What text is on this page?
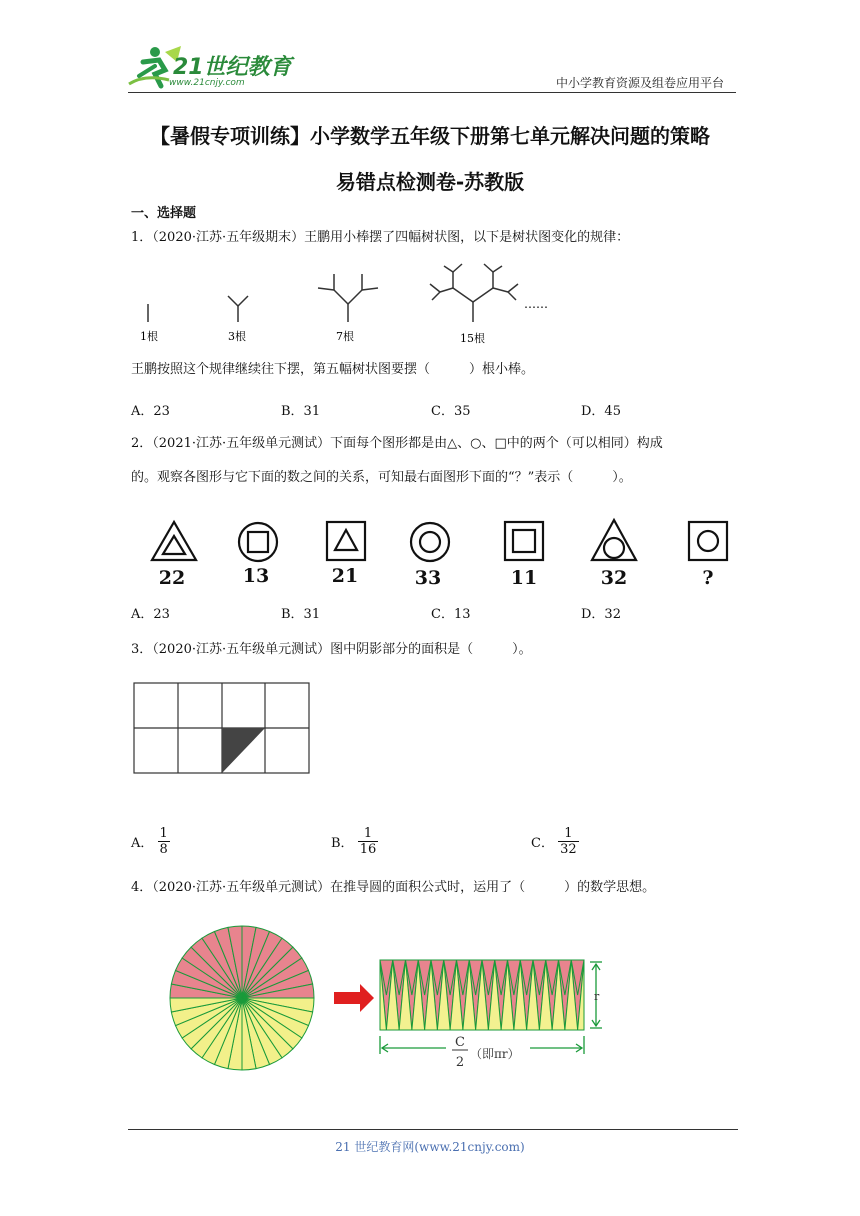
21世纪教育
www.21cnjy.com	中小学教育资源及组卷应用平台
【暑假专项训练】小学数学五年级下册第七单元解决问题的策略
易错点检测卷-苏教版
一、选择题
1．（2020·江苏·五年级期末）王鹏用小棒摆了四幅树状图，以下是树状图变化的规律：
1根	3根	7根	15根
……
王鹏按照这个规律继续往下摆，第五幅树状图要摆（　　　）根小棒。
A．23	B．31	C．35	D．45
2．（2021·江苏·五年级单元测试）下面每个图形都是由△、○、□中的两个（可以相同）构成
的。观察各图形与它下面的数之间的关系，可知最右面图形下面的“？”表示（　　　）。
22	13	21	33	11	32	?
A．23	B．31	C．13	D．32
3．（2020·江苏·五年级单元测试）图中阴影部分的面积是（　　　）。
A． $\frac{1}{8}$	B． $\frac{1}{16}$	C． $\frac{1}{32}$
4．（2020·江苏·五年级单元测试）在推导圆的面积公式时，运用了（　　　）的数学思想。
r
C
2
（即πr）
21 世纪教育网(www.21cnjy.com)
